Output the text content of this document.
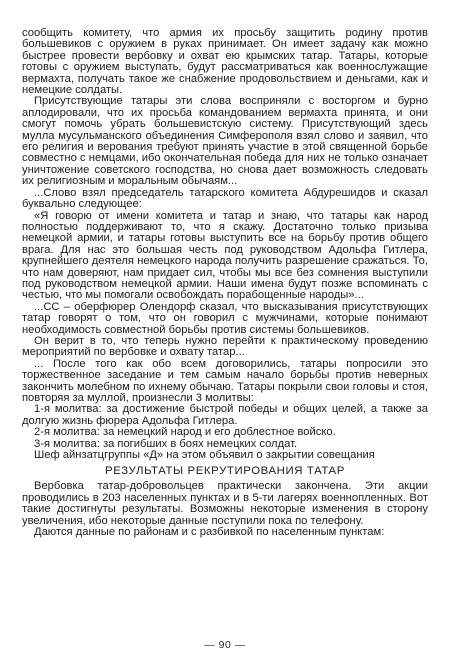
сообщить комитету, что армия их просьбу защитить родину против большевиков с оружием в руках принимает. Он имеет задачу как можно быстрее провести вербовку и охват ею крымских татар. Татары, которые готовы с оружием выступать, будут рассматриваться как военнослужащие вермахта, получать такое же снабжение продовольствием и деньгами, как и немецкие солдаты.

Присутствующие татары эти слова восприняли с восторгом и бурно аплодировали, что их просьба командованием вермахта принята, и они смогут помочь убрать большевистскую систему. Присутствующий здесь мулла мусульманского объединения Симферополя взял слово и заявил, что его религия и верования требуют принять участие в этой священной борьбе совместно с немцами, ибо окончательная победа для них не только означает уничтожение советского господства, но снова дает возможность следовать их религиозным и моральным обычаям...

...Слово взял председатель татарского комитета Абдурешидов и сказал буквально следующее:

«Я говорю от имени комитета и татар и знаю, что татары как народ полностью поддерживают то, что я скажу. Достаточно только призыва немецкой армии, и татары готовы выступить все на борьбу против общего врага. Для нас это большая честь под руководством Адольфа Гитлера, крупнейшего деятеля немецкого народа получить разрешение сражаться. То, что нам доверяют, нам придает сил, чтобы мы все без сомнения выступили под руководством немецкой армии. Наши имена будут позже вспоминать с честью, что мы помогали освобождать порабощенные народы»...

...СС – оберфюрер Олендорф сказал, что высказывания присутствующих татар говорят о том, что он говорил с мужчинами, которые понимают необходимость совместной борьбы против системы большевиков.

Он верит в то, что теперь нужно перейти к практическому проведению мероприятий по вербовке и охвату татар...

... После того как обо всем договорились, татары попросили это торжественное заседание и тем самым начало борьбы против неверных закончить молебном по ихнему обычаю. Татары покрыли свои головы и стоя, повторяя за муллой, произнесли 3 молитвы:

1-я молитва: за достижение быстрой победы и общих целей, а также за долгую жизнь фюрера Адольфа Гитлера.

2-я молитва: за немецкий народ и его доблестное войско.

3-я молитва: за погибших в боях немецких солдат.

Шеф айнзатцгруппы «Д» на этом объявил о закрытии совещания

РЕЗУЛЬТАТЫ РЕКРУТИРОВАНИЯ ТАТАР

Вербовка татар-добровольцев практически закончена. Эти акции проводились в 203 населенных пунктах и в 5-ти лагерях военнопленных. Вот такие достигнуты результаты. Возможны некоторые изменения в сторону увеличения, ибо некоторые данные поступили пока по телефону.

Даются данные по районам и с разбивкой по населенным пунктам:

— 90 —
